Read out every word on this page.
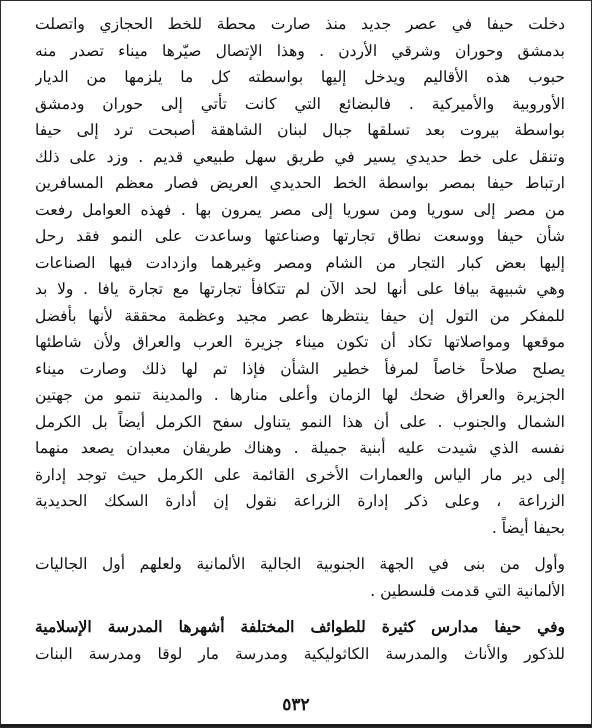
دخلت حيفا في عصر جديد منذ صارت محطة للخط الحجازي واتصلت
بدمشق وحوران وشرقي الأردن . وهذا الإتصال صيّرها ميناء تصدر منه
حبوب هذه الأقاليم ويدخل إليها بواسطته كل ما يلزمها من الديار
الأوروبية والأميركية . فالبضائع التي كانت تأتي إلى حوران ودمشق
بواسطة بيروت بعد تسلقها جبال لبنان الشاهقة أصبحت ترد إلى حيفا
وتنقل على خط حديدي يسير في طريق سهل طبيعي قديم . وزد على ذلك
ارتباط حيفا بمصر بواسطة الخط الحديدي العريض فصار معظم المسافرين
من مصر إلى سوريا ومن سوريا إلى مصر يمرون بها . فهذه العوامل رفعت
شأن حيفا ووسعت نطاق تجارتها وصناعتها وساعدت على النمو فقد رحل
إليها بعض كبار التجار من الشام ومصر وغيرهما وازدادت فيها الصناعات
وهي شبيهة بيافا على أنها لحد الآن لم تتكافأ تجارتها مع تجارة يافا . ولا بد
للمفكر من التول إن حيفا ينتظرها عصر مجيد وعظمة محققة لأنها بأفضل
موقعها ومواصلاتها تكاد أن تكون ميناء جزيرة العرب والعراق ولأن شاطئها
يصلح صلاحاً خاصاً لمرفأ خطير الشأن فإذا تم لها ذلك وصارت ميناء
الجزيرة والعراق ضحك لها الزمان وأعلى منارها . والمدينة تنمو من جهتين
الشمال والجنوب . على أن هذا النمو يتناول سفح الكرمل أيضاً بل الكرمل
نفسه الذي شيدت عليه أبنية جميلة . وهناك طريقان معبدان يصعد منهما
إلى دير مار الياس والعمارات الأخرى القائمة على الكرمل حيث توجد إدارة
الزراعة ، وعلى ذكر إدارة الزراعة نقول إن أدارة السكك الحديدية
بحيفا أيضاً .
وأول من بنى في الجهة الجنوبية الجالية الألمانية ولعلهم أول الجاليات
الألمانية التي قدمت فلسطين .
وفي حيفا مدارس كثيرة للطوائف المختلفة أشهرها المدرسة الإسلامية
للذكور والأناث والمدرسة الكاثوليكية ومدرسة مار لوقا ومدرسة البنات
٥٣٢
